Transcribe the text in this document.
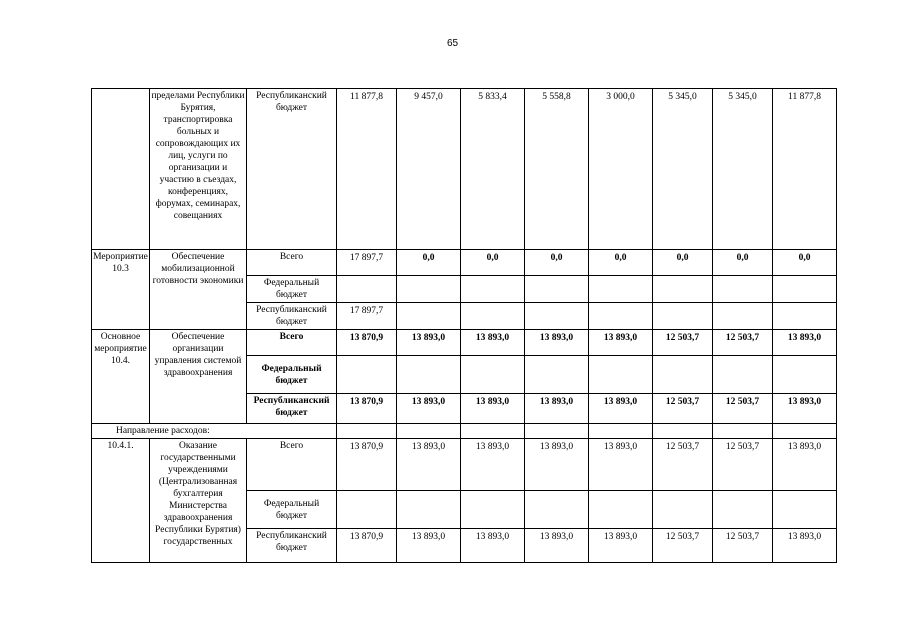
65
	пределами Республики Бурятия, транспортировка больных и сопровождающих их лиц, услуги по организации и участию в съездах, конференциях, форумах, семинарах, совещаниях	Республиканский бюджет	11 877,8	9 457,0	5 833,4	5 558,8	3 000,0	5 345,0	5 345,0	11 877,8
Мероприятие 10.3	Обеспечение мобилизационной готовности экономики	Всего	17 897,7	0,0	0,0	0,0	0,0	0,0	0,0	0,0
		Федеральный бюджет								
		Республиканский бюджет	17 897,7							
Основное мероприятие 10.4.	Обеспечение организации управления системой здравоохранения	Всего	13 870,9	13 893,0	13 893,0	13 893,0	13 893,0	12 503,7	12 503,7	13 893,0
		Федеральный бюджет								
		Республиканский бюджет	13 870,9	13 893,0	13 893,0	13 893,0	13 893,0	12 503,7	12 503,7	13 893,0
Направление расходов:										
10.4.1.	Оказание государственными учреждениями (Централизованная бухгалтерия Министерства здравоохранения Республики Бурятия) государственных	Всего	13 870,9	13 893,0	13 893,0	13 893,0	13 893,0	12 503,7	12 503,7	13 893,0
		Федеральный бюджет								
		Республиканский бюджет	13 870,9	13 893,0	13 893,0	13 893,0	13 893,0	12 503,7	12 503,7	13 893,0
